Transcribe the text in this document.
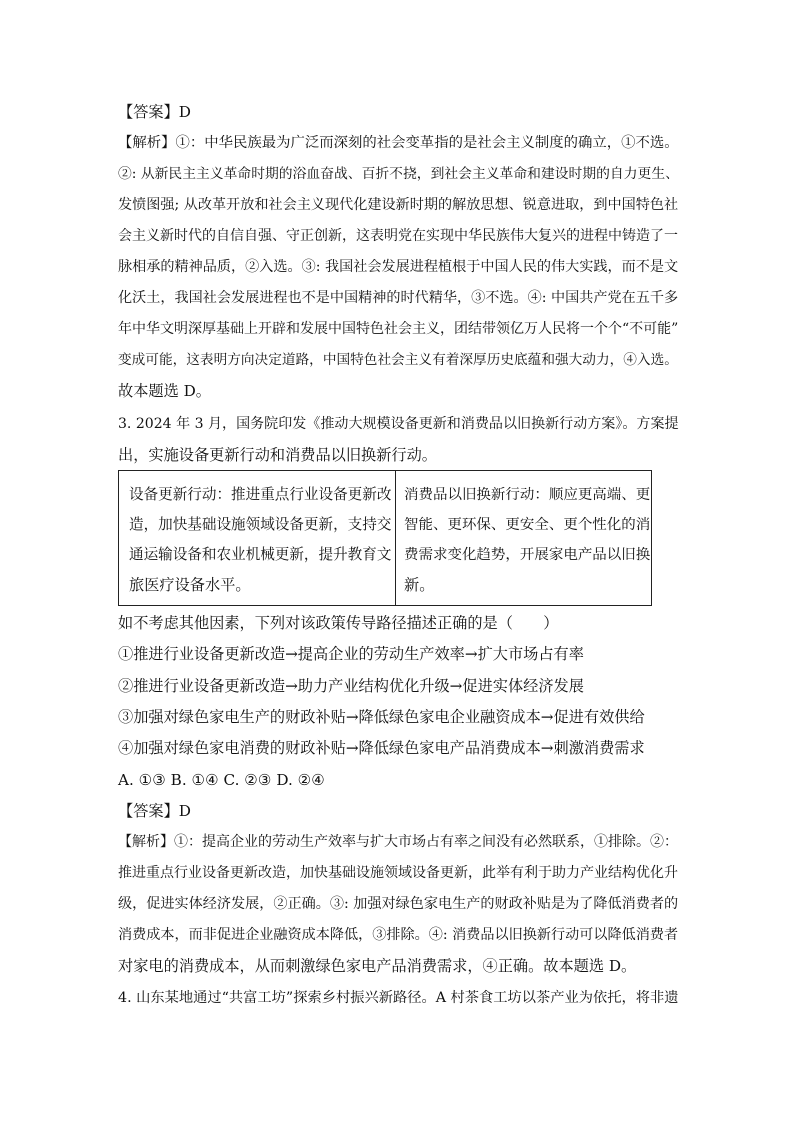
【答案】D
【解析】①：中华民族最为广泛而深刻的社会变革指的是社会主义制度的确立，①不选。
②: 从新民主主义革命时期的浴血奋战、百折不挠，到社会主义革命和建设时期的自力更生、
发愤图强; 从改革开放和社会主义现代化建设新时期的解放思想、锐意进取，到中国特色社
会主义新时代的自信自强、守正创新，这表明党在实现中华民族伟大复兴的进程中铸造了一
脉相承的精神品质，②入选。③: 我国社会发展进程植根于中国人民的伟大实践，而不是文
化沃土，我国社会发展进程也不是中国精神的时代精华，③不选。④: 中国共产党在五千多
年中华文明深厚基础上开辟和发展中国特色社会主义，团结带领亿万人民将一个个“不可能”
变成可能，这表明方向决定道路，中国特色社会主义有着深厚历史底蕴和强大动力，④入选。
故本题选 D。
3. 2024 年 3 月，国务院印发《推动大规模设备更新和消费品以旧换新行动方案》。方案提
出，实施设备更新行动和消费品以旧换新行动。
设备更新行动：推进重点行业设备更新改
造，加快基础设施领域设备更新，支持交
通运输设备和农业机械更新，提升教育文
旅医疗设备水平。
消费品以旧换新行动：顺应更高端、更
智能、更环保、更安全、更个性化的消
费需求变化趋势，开展家电产品以旧换
新。
如不考虑其他因素，下列对该政策传导路径描述正确的是（　　）
①推进行业设备更新改造→提高企业的劳动生产效率→扩大市场占有率
②推进行业设备更新改造→助力产业结构优化升级→促进实体经济发展
③加强对绿色家电生产的财政补贴→降低绿色家电企业融资成本→促进有效供给
④加强对绿色家电消费的财政补贴→降低绿色家电产品消费成本→刺激消费需求
A. ①③ B. ①④ C. ②③ D. ②④
【答案】D
【解析】①：提高企业的劳动生产效率与扩大市场占有率之间没有必然联系，①排除。②：
推进重点行业设备更新改造，加快基础设施领域设备更新，此举有利于助力产业结构优化升
级，促进实体经济发展，②正确。③: 加强对绿色家电生产的财政补贴是为了降低消费者的
消费成本，而非促进企业融资成本降低，③排除。④: 消费品以旧换新行动可以降低消费者
对家电的消费成本，从而刺激绿色家电产品消费需求，④正确。故本题选 D。
4. 山东某地通过“共富工坊”探索乡村振兴新路径。A 村茶食工坊以茶产业为依托，将非遗
